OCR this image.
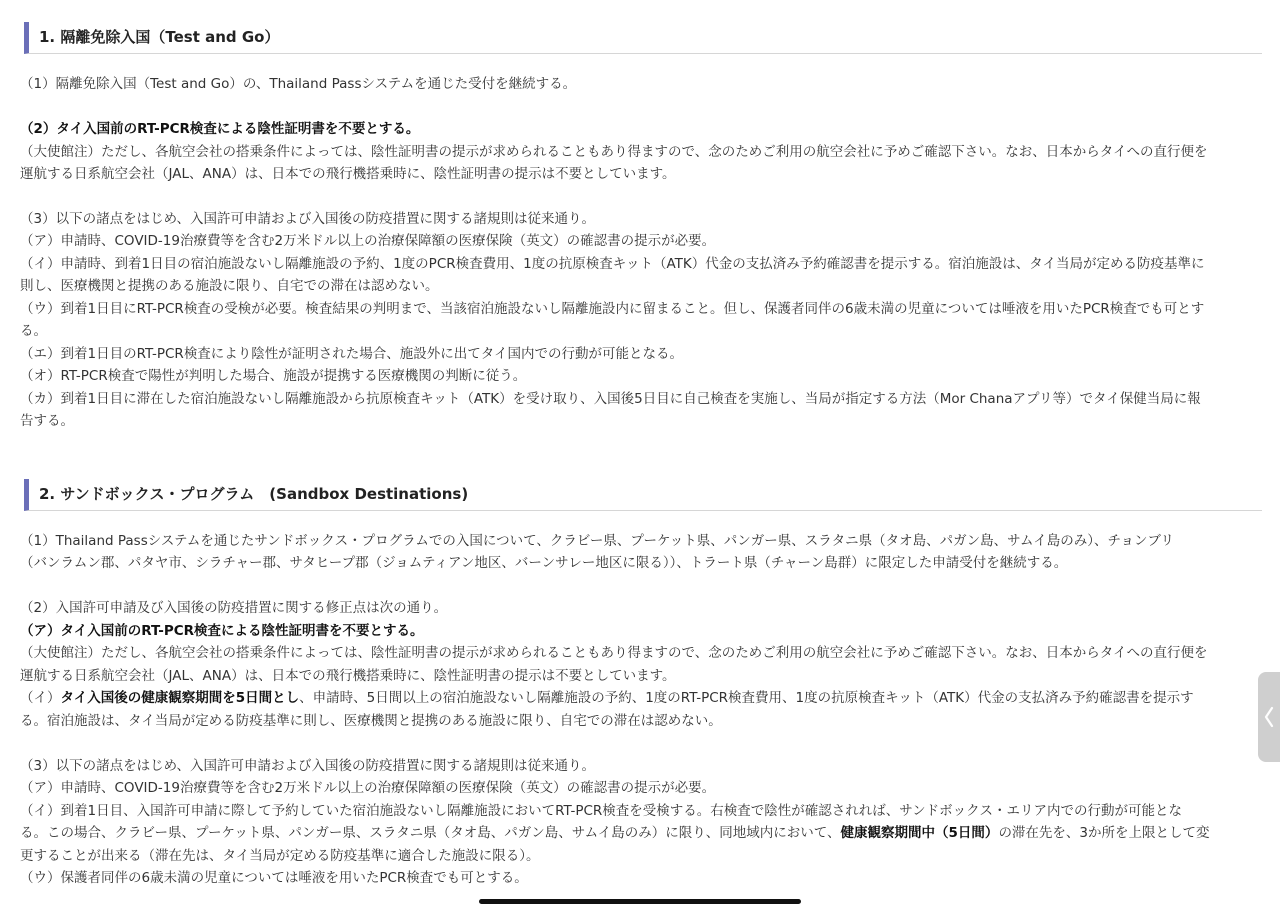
1. 隔離免除入国（Test and Go）
（1）隔離免除入国（Test and Go）の、Thailand Passシステムを通じた受付を継続する。
（2）タイ入国前のRT-PCR検査による陰性証明書を不要とする。
（大使館注）ただし、各航空会社の搭乗条件によっては、陰性証明書の提示が求められることもあり得ますので、念のためご利用の航空会社に予めご確認下さい。なお、日本からタイへの直行便を
運航する日系航空会社（JAL、ANA）は、日本での飛行機搭乗時に、陰性証明書の提示は不要としています。
（3）以下の諸点をはじめ、入国許可申請および入国後の防疫措置に関する諸規則は従来通り。
（ア）申請時、COVID-19治療費等を含む2万米ドル以上の治療保障額の医療保険（英文）の確認書の提示が必要。
（イ）申請時、到着1日目の宿泊施設ないし隔離施設の予約、1度のPCR検査費用、1度の抗原検査キット（ATK）代金の支払済み予約確認書を提示する。宿泊施設は、タイ当局が定める防疫基準に
則し、医療機関と提携のある施設に限り、自宅での滞在は認めない。
（ウ）到着1日目にRT-PCR検査の受検が必要。検査結果の判明まで、当該宿泊施設ないし隔離施設内に留まること。但し、保護者同伴の6歳未満の児童については唾液を用いたPCR検査でも可とす
る。
（エ）到着1日目のRT-PCR検査により陰性が証明された場合、施設外に出てタイ国内での行動が可能となる。
（オ）RT-PCR検査で陽性が判明した場合、施設が提携する医療機関の判断に従う。
（カ）到着1日目に滞在した宿泊施設ないし隔離施設から抗原検査キット（ATK）を受け取り、入国後5日目に自己検査を実施し、当局が指定する方法（Mor Chanaアプリ等）でタイ保健当局に報
告する。
2. サンドボックス・プログラム　(Sandbox Destinations)
（1）Thailand Passシステムを通じたサンドボックス・プログラムでの入国について、クラビー県、プーケット県、パンガー県、スラタニ県（タオ島、パガン島、サムイ島のみ）、チョンブリ
（バンラムン郡、パタヤ市、シラチャー郡、サタヒープ郡（ジョムティアン地区、バーンサレー地区に限る））、トラート県（チャーン島群）に限定した申請受付を継続する。
（2）入国許可申請及び入国後の防疫措置に関する修正点は次の通り。
（ア）タイ入国前のRT-PCR検査による陰性証明書を不要とする。
（大使館注）ただし、各航空会社の搭乗条件によっては、陰性証明書の提示が求められることもあり得ますので、念のためご利用の航空会社に予めご確認下さい。なお、日本からタイへの直行便を
運航する日系航空会社（JAL、ANA）は、日本での飛行機搭乗時に、陰性証明書の提示は不要としています。
（イ）タイ入国後の健康観察期間を5日間とし、申請時、5日間以上の宿泊施設ないし隔離施設の予約、1度のRT-PCR検査費用、1度の抗原検査キット（ATK）代金の支払済み予約確認書を提示す
る。宿泊施設は、タイ当局が定める防疫基準に則し、医療機関と提携のある施設に限り、自宅での滞在は認めない。
（3）以下の諸点をはじめ、入国許可申請および入国後の防疫措置に関する諸規則は従来通り。
（ア）申請時、COVID-19治療費等を含む2万米ドル以上の治療保障額の医療保険（英文）の確認書の提示が必要。
（イ）到着1日目、入国許可申請に際して予約していた宿泊施設ないし隔離施設においてRT-PCR検査を受検する。右検査で陰性が確認されれば、サンドボックス・エリア内での行動が可能とな
る。この場合、クラビー県、プーケット県、パンガー県、スラタニ県（タオ島、パガン島、サムイ島のみ）に限り、同地域内において、健康観察期間中（5日間）の滞在先を、3か所を上限として変
更することが出来る（滞在先は、タイ当局が定める防疫基準に適合した施設に限る）。
（ウ）保護者同伴の6歳未満の児童については唾液を用いたPCR検査でも可とする。
